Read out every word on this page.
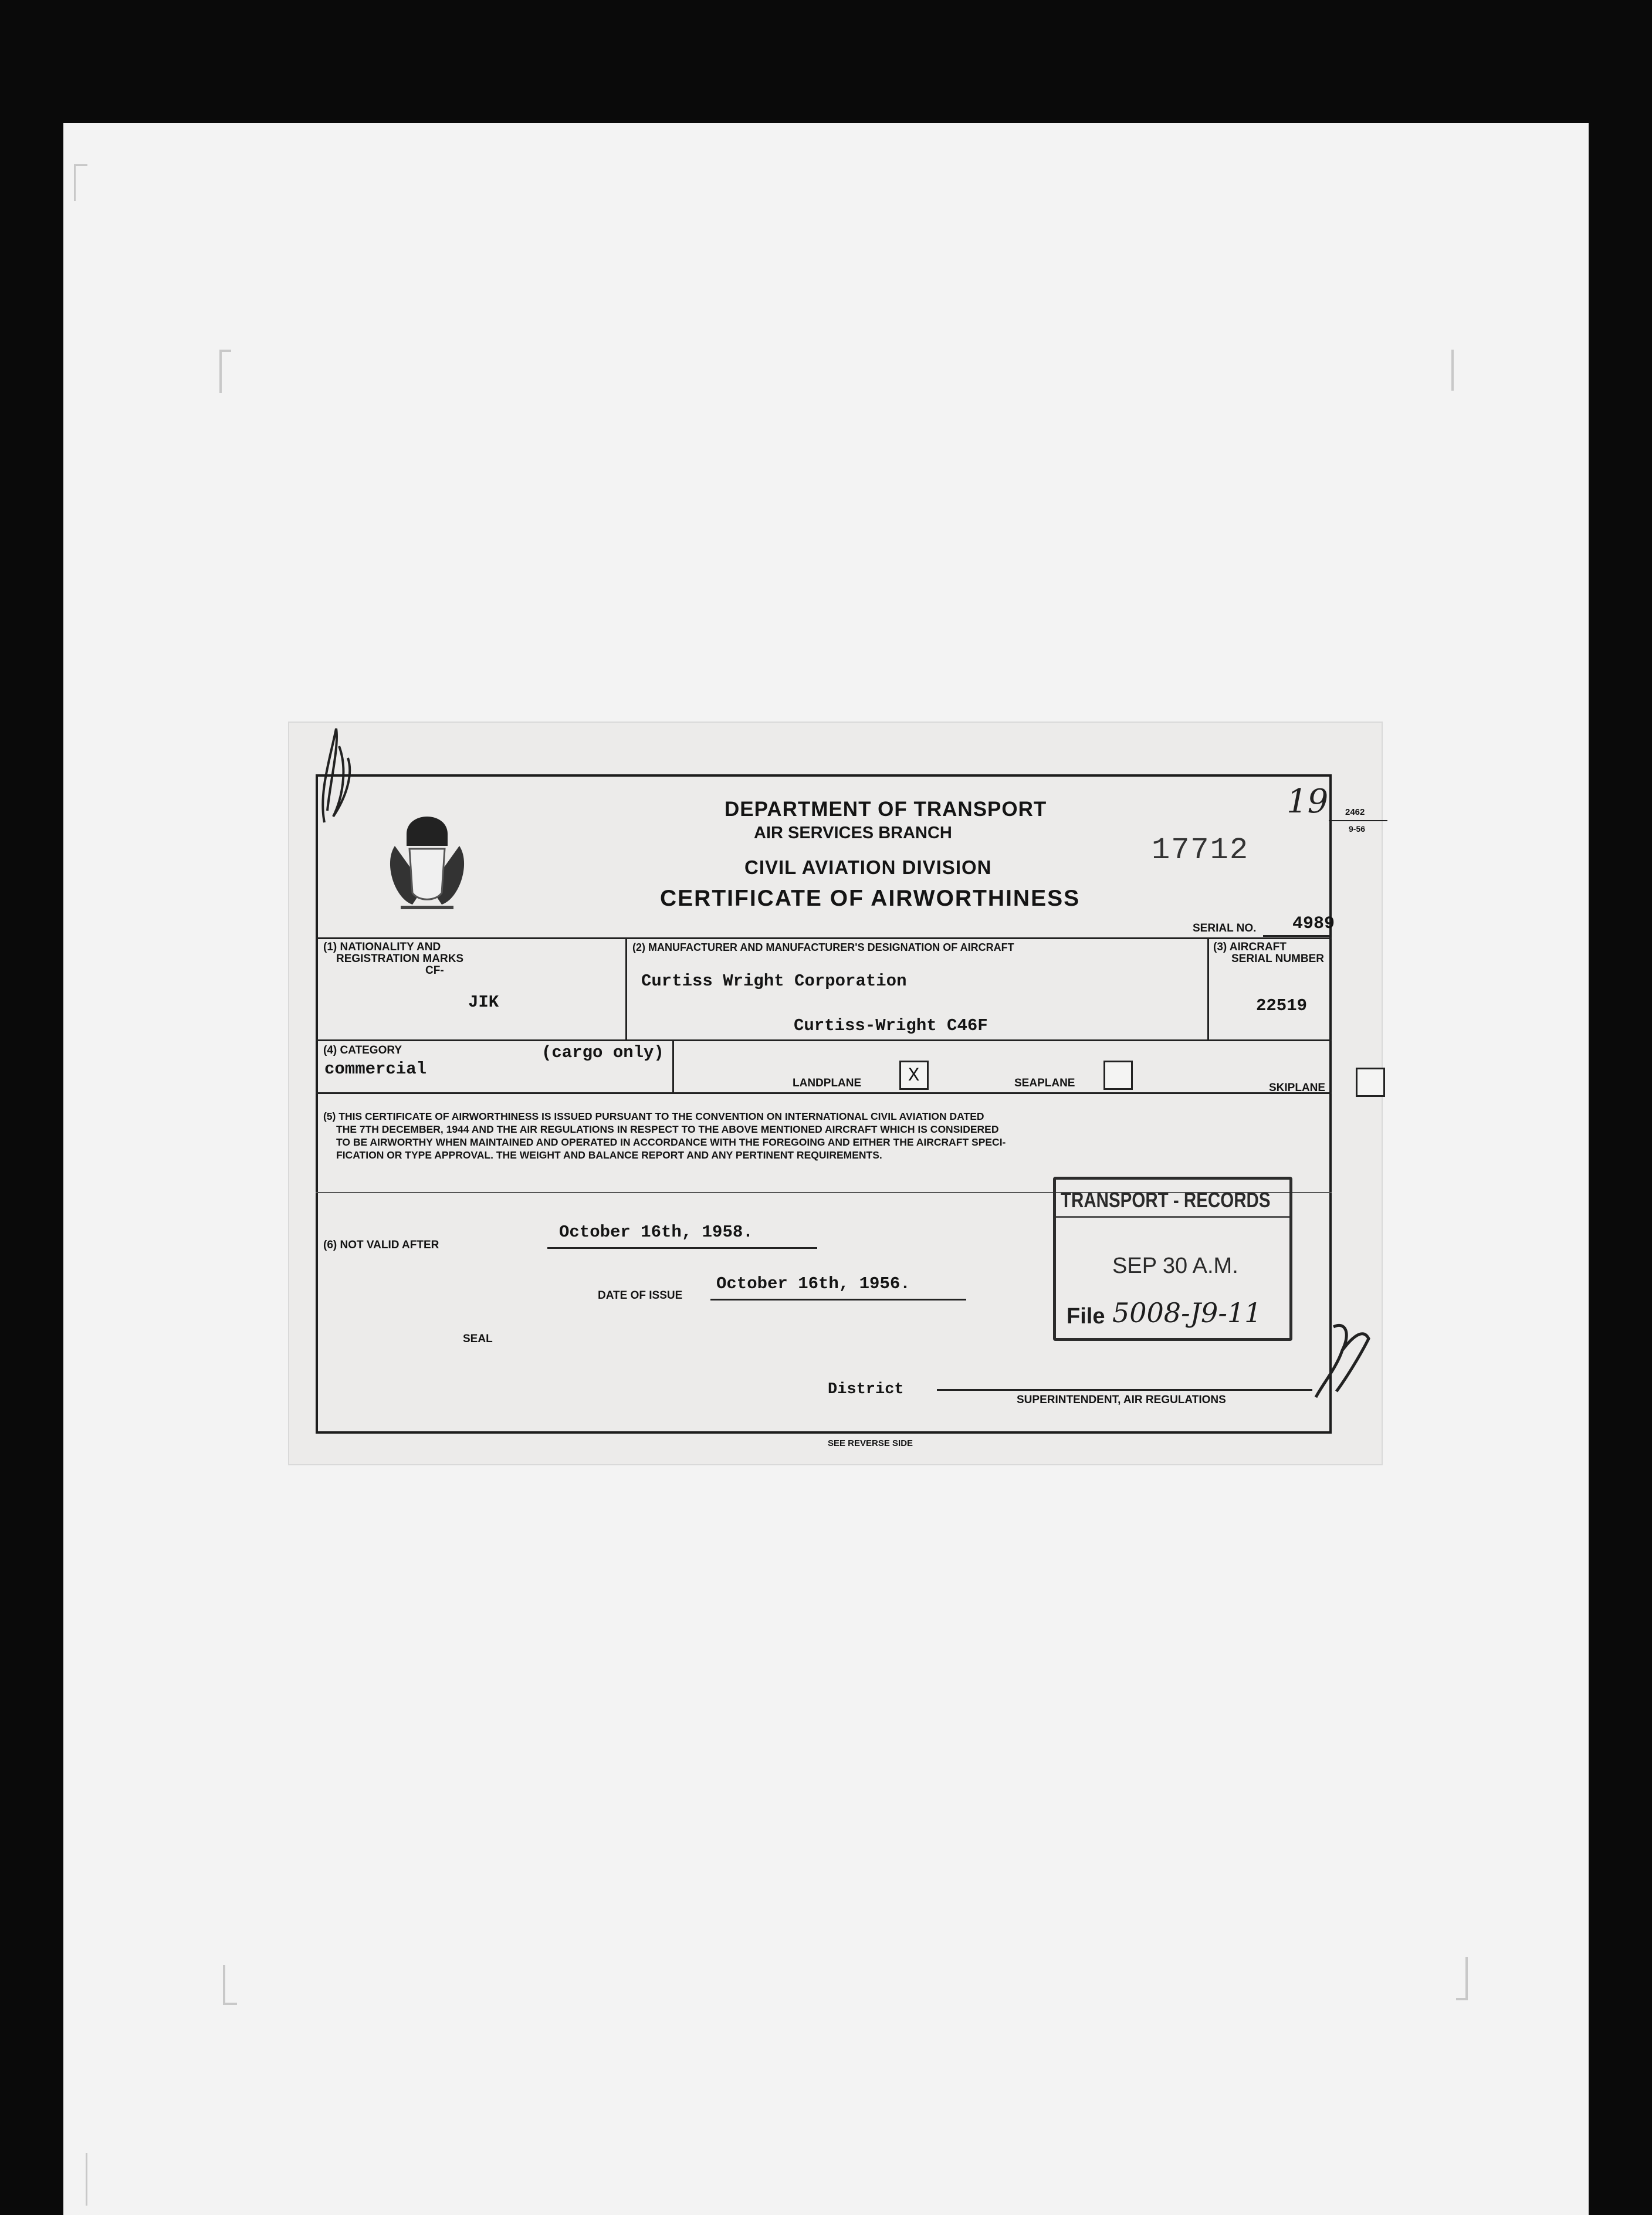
DEPARTMENT OF TRANSPORT
AIR SERVICES BRANCH
CIVIL AVIATION DIVISION
CERTIFICATE OF AIRWORTHINESS
17712
19 2462
9-56
SERIAL NO. 4989
(1) NATIONALITY AND
REGISTRATION MARKS
CF-
JIK
(2) MANUFACTURER AND MANUFACTURER'S DESIGNATION OF AIRCRAFT
Curtiss Wright Corporation
Curtiss-Wright C46F
(3) AIRCRAFT
SERIAL NUMBER
22519
(4) CATEGORY
commercial
(cargo only)
LANDPLANE X	SEAPLANE	SKIPLANE
(5) THIS CERTIFICATE OF AIRWORTHINESS IS ISSUED PURSUANT TO THE CONVENTION ON INTERNATIONAL CIVIL AVIATION DATED
THE 7TH DECEMBER, 1944 AND THE AIR REGULATIONS IN RESPECT TO THE ABOVE MENTIONED AIRCRAFT WHICH IS CONSIDERED
TO BE AIRWORTHY WHEN MAINTAINED AND OPERATED IN ACCORDANCE WITH THE FOREGOING AND EITHER THE AIRCRAFT SPECI-
FICATION OR TYPE APPROVAL. THE WEIGHT AND BALANCE REPORT AND ANY PERTINENT REQUIREMENTS.
(6) NOT VALID AFTER
October 16th, 1958.
DATE OF ISSUE
October 16th, 1956.
SEAL
District
SUPERINTENDENT, AIR REGULATIONS
SEE REVERSE SIDE
TRANSPORT - RECORDS
SEP 30 A.M.
File 5008-J9-11
